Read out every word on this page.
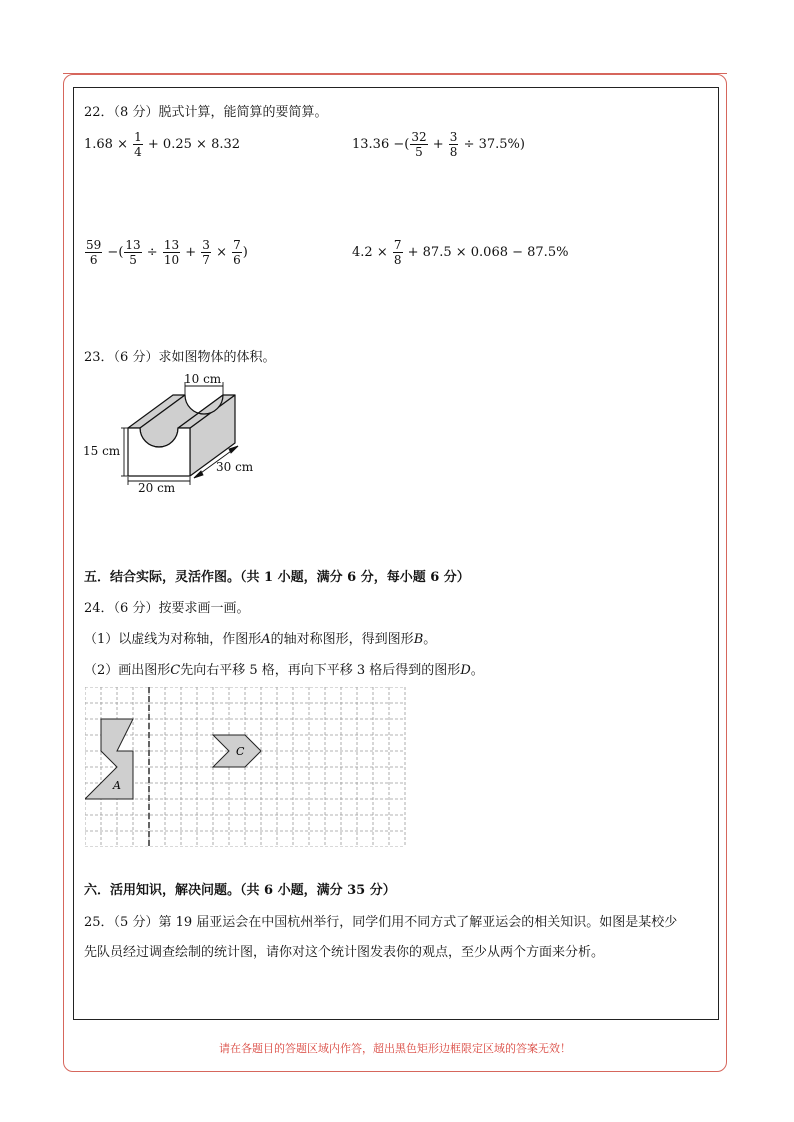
22．（8 分）脱式计算，能简算的要简算。
$1.68 \times \frac{1}{4}$
+ 0.25 × 8.32	13.36 −( $\frac{32}{5}$
+
$\frac{3}{8}$
÷ 37.5%)
$\frac{59}{6}$
−( $\frac{13}{5} \div \frac{13}{10} + \frac{3}{7} \times \frac{7}{6}$ )	$4.2 \times \frac{7}{8}$
+ 87.5 × 0.068 − 87.5%
23．（6 分）求如图物体的体积。
10 cm
15 cm
20 cm
30 cm
五．结合实际，灵活作图。（共 1 小题，满分 6 分，每小题 6 分）
24．（6 分）按要求画一画。
（1）以虚线为对称轴，作图形A的轴对称图形，得到图形B。
（2）画出图形C先向右平移 5 格，再向下平移 3 格后得到的图形D。
A
C
六．活用知识，解决问题。（共 6 小题，满分 35 分）
25．（5 分）第 19 届亚运会在中国杭州举行，同学们用不同方式了解亚运会的相关知识。如图是某校少
先队员经过调查绘制的统计图，请你对这个统计图发表你的观点，至少从两个方面来分析。
请在各题目的答题区域内作答，超出黑色矩形边框限定区域的答案无效！
